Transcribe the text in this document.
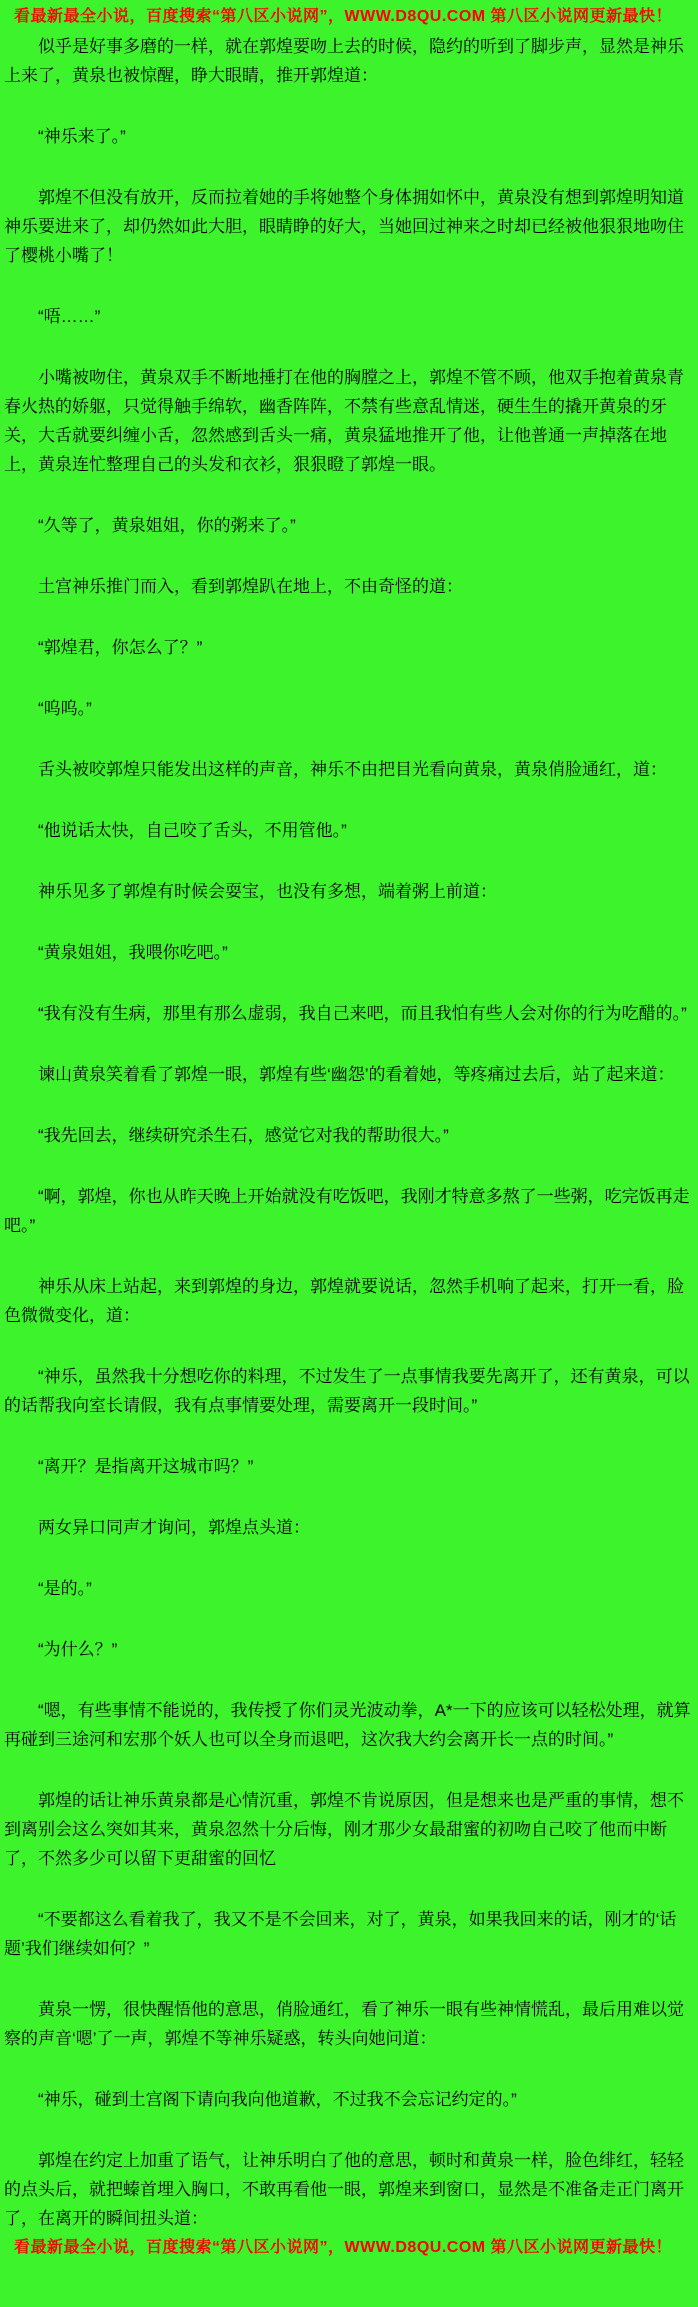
看最新最全小说，百度搜索“第八区小说网”，WWW.D8QU.COM 第八区小说网更新最快！

似乎是好事多磨的一样，就在郭煌要吻上去的时候，隐约的听到了脚步声，显然是神乐上来了，黄泉也被惊醒，睁大眼睛，推开郭煌道：

“神乐来了。”

郭煌不但没有放开，反而拉着她的手将她整个身体拥如怀中，黄泉没有想到郭煌明知道神乐要进来了，却仍然如此大胆，眼睛睁的好大，当她回过神来之时却已经被他狠狠地吻住了樱桃小嘴了！

“唔……”

小嘴被吻住，黄泉双手不断地捶打在他的胸膛之上，郭煌不管不顾，他双手抱着黄泉青春火热的娇躯，只觉得触手绵软，幽香阵阵，不禁有些意乱情迷，硬生生的撬开黄泉的牙关，大舌就要纠缠小舌，忽然感到舌头一痛，黄泉猛地推开了他，让他普通一声掉落在地上，黄泉连忙整理自己的头发和衣衫，狠狠瞪了郭煌一眼。

“久等了，黄泉姐姐，你的粥来了。”

土宫神乐推门而入，看到郭煌趴在地上，不由奇怪的道：

“郭煌君，你怎么了？”

“呜呜。”

舌头被咬郭煌只能发出这样的声音，神乐不由把目光看向黄泉，黄泉俏脸通红，道：

“他说话太快，自己咬了舌头，不用管他。”

神乐见多了郭煌有时候会耍宝，也没有多想，端着粥上前道：

“黄泉姐姐，我喂你吃吧。”

“我有没有生病，那里有那么虚弱，我自己来吧，而且我怕有些人会对你的行为吃醋的。”

谏山黄泉笑着看了郭煌一眼，郭煌有些‘幽怨’的看着她，等疼痛过去后，站了起来道：

“我先回去，继续研究杀生石，感觉它对我的帮助很大。”

“啊，郭煌，你也从昨天晚上开始就没有吃饭吧，我刚才特意多熬了一些粥，吃完饭再走吧。”

神乐从床上站起，来到郭煌的身边，郭煌就要说话，忽然手机响了起来，打开一看，脸色微微变化，道：

“神乐，虽然我十分想吃你的料理，不过发生了一点事情我要先离开了，还有黄泉，可以的话帮我向室长请假，我有点事情要处理，需要离开一段时间。”

“离开？是指离开这城市吗？”

两女异口同声才询问，郭煌点头道：

“是的。”

“为什么？”

“嗯，有些事情不能说的，我传授了你们灵光波动拳，A*一下的应该可以轻松处理，就算再碰到三途河和宏那个妖人也可以全身而退吧，这次我大约会离开长一点的时间。”

郭煌的话让神乐黄泉都是心情沉重，郭煌不肯说原因，但是想来也是严重的事情，想不到离别会这么突如其来，黄泉忽然十分后悔，刚才那少女最甜蜜的初吻自己咬了他而中断了，不然多少可以留下更甜蜜的回忆

“不要都这么看着我了，我又不是不会回来，对了，黄泉，如果我回来的话，刚才的‘话题’我们继续如何？”

黄泉一愣，很快醒悟他的意思，俏脸通红，看了神乐一眼有些神情慌乱，最后用难以觉察的声音‘嗯’了一声，郭煌不等神乐疑惑，转头向她问道：

“神乐，碰到土宫阁下请向我向他道歉，不过我不会忘记约定的。”

郭煌在约定上加重了语气，让神乐明白了他的意思，顿时和黄泉一样，脸色绯红，轻轻的点头后，就把螓首埋入胸口，不敢再看他一眼，郭煌来到窗口，显然是不准备走正门离开了，在离开的瞬间扭头道：

看最新最全小说，百度搜索“第八区小说网”，WWW.D8QU.COM 第八区小说网更新最快！
